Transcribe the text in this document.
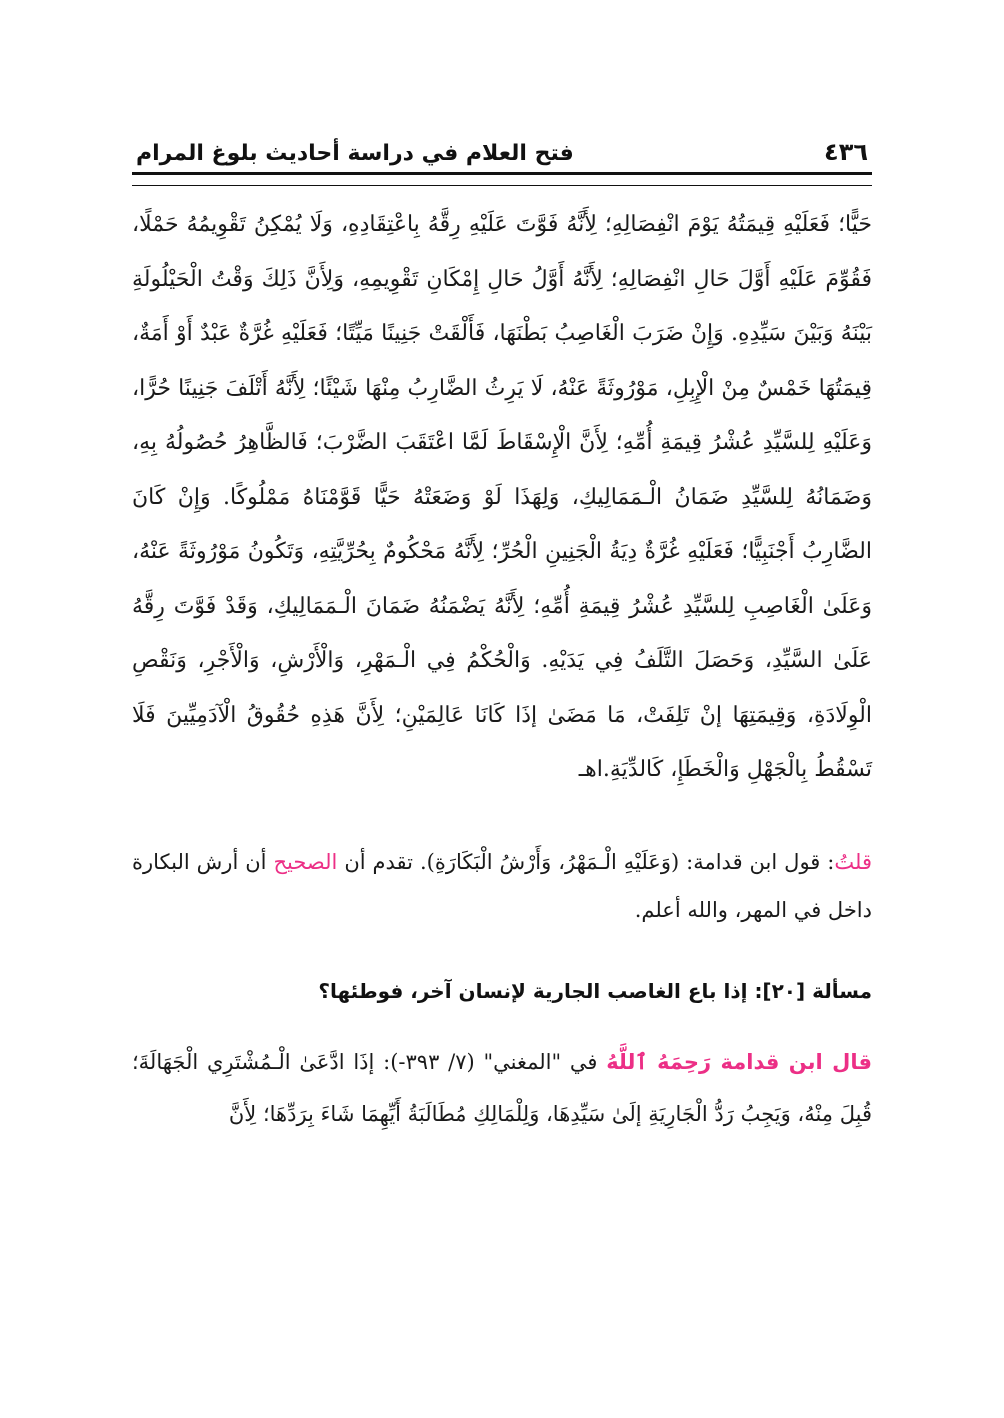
٤٣٦
فتح العلام في دراسة أحاديث بلوغ المرام

حَيًّا؛ فَعَلَيْهِ قِيمَتُهُ يَوْمَ انْفِصَالِهِ؛ لِأَنَّهُ فَوَّتَ عَلَيْهِ رِقَّهُ بِاعْتِقَادِهِ، وَلَا يُمْكِنُ تَقْوِيمُهُ حَمْلًا، فَقُوِّمَ عَلَيْهِ أَوَّلَ حَالِ انْفِصَالِهِ؛ لِأَنَّهُ أَوَّلُ حَالِ إِمْكَانِ تَقْوِيمِهِ، وَلِأَنَّ ذَلِكَ وَقْتُ الْحَيْلُولَةِ بَيْنَهُ وَبَيْنَ سَيِّدِهِ. وَإِنْ ضَرَبَ الْغَاصِبُ بَطْنَهَا، فَأَلْقَتْ جَنِينًا مَيِّتًا؛ فَعَلَيْهِ غُرَّةٌ عَبْدٌ أَوْ أَمَةٌ، قِيمَتُهَا خَمْسٌ مِنْ الْإِبِلِ، مَوْرُوثَةً عَنْهُ، لَا يَرِثُ الضَّارِبُ مِنْهَا شَيْئًا؛ لِأَنَّهُ أَتْلَفَ جَنِينًا حُرًّا، وَعَلَيْهِ لِلسَّيِّدِ عُشْرُ قِيمَةِ أُمِّهِ؛ لِأَنَّ الْإِسْقَاطَ لَمَّا اعْتَقَبَ الضَّرْبَ؛ فَالظَّاهِرُ حُصُولُهُ بِهِ، وَضَمَانُهُ لِلسَّيِّدِ ضَمَانُ الْـمَمَالِيكِ، وَلِهَذَا لَوْ وَضَعَتْهُ حَيًّا قَوَّمْنَاهُ مَمْلُوكًا. وَإِنْ كَانَ الضَّارِبُ أَجْنَبِيًّا؛ فَعَلَيْهِ غُرَّةٌ دِيَةُ الْجَنِينِ الْحُرِّ؛ لِأَنَّهُ مَحْكُومٌ بِحُرِّيَّتِهِ، وَتَكُونُ مَوْرُوثَةً عَنْهُ، وَعَلَىٰ الْغَاصِبِ لِلسَّيِّدِ عُشْرُ قِيمَةِ أُمِّهِ؛ لِأَنَّهُ يَضْمَنُهُ ضَمَانَ الْـمَمَالِيكِ، وَقَدْ فَوَّتَ رِقَّهُ عَلَىٰ السَّيِّدِ، وَحَصَلَ التَّلَفُ فِي يَدَيْهِ. وَالْحُكْمُ فِي الْـمَهْرِ، وَالْأَرْشِ، وَالْأَجْرِ، وَنَقْصِ الْوِلَادَةِ، وَقِيمَتِهَا إنْ تَلِفَتْ، مَا مَضَىٰ إذَا كَانَا عَالِمَيْنِ؛ لِأَنَّ هَذِهِ حُقُوقُ الْآدَمِيِّينَ فَلَا تَسْقُطُ بِالْجَهْلِ وَالْخَطَإِ، كَالدِّيَةِ.اهـ

قلتُ: قول ابن قدامة: (وَعَلَيْهِ الْـمَهْرُ، وَأَرْشُ الْبَكَارَةِ). تقدم أن الصحيح أن أرش البكارة داخل في المهر، والله أعلم.

مسألة [٢٠]: إذا باع الغاصب الجارية لإنسان آخر، فوطئها؟

قال ابن قدامة رَحِمَهُ ٱللَّهُ في "المغني" (٧/ ٣٩٣-): إذَا ادَّعَىٰ الْـمُشْتَرِي الْجَهَالَةَ؛ قُبِلَ مِنْهُ، وَيَجِبُ رَدُّ الْجَارِيَةِ إلَىٰ سَيِّدِهَا، وَلِلْمَالِكِ مُطَالَبَةُ أَيِّهِمَا شَاءَ بِرَدِّهَا؛ لِأَنَّ
